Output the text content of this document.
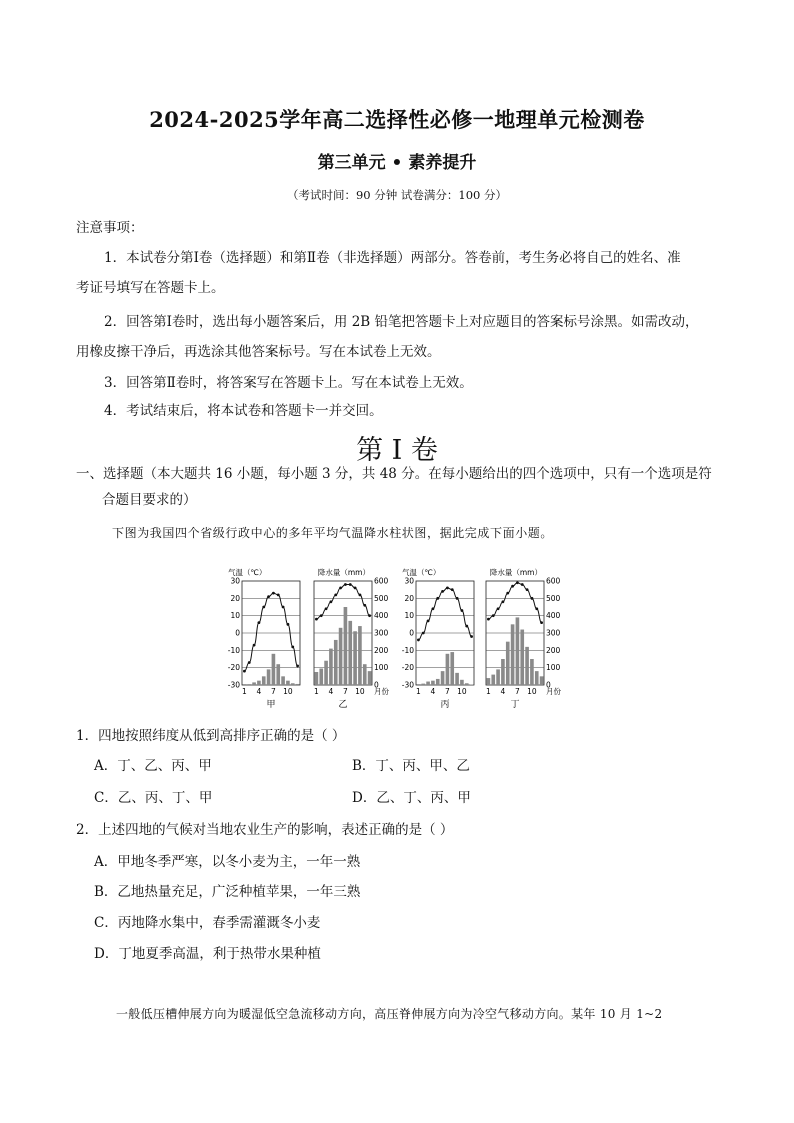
2024-2025学年高二选择性必修一地理单元检测卷
第三单元 • 素养提升
（考试时间：90 分钟 试卷满分：100 分）
注意事项：
1．本试卷分第Ⅰ卷（选择题）和第Ⅱ卷（非选择题）两部分。答卷前，考生务必将自己的姓名、准
考证号填写在答题卡上。
2．回答第Ⅰ卷时，选出每小题答案后，用 2B 铅笔把答题卡上对应题目的答案标号涂黑。如需改动，
用橡皮擦干净后，再选涂其他答案标号。写在本试卷上无效。
3．回答第Ⅱ卷时，将答案写在答题卡上。写在本试卷上无效。
4．考试结束后，将本试卷和答题卡一并交回。
第 I 卷
一、选择题（本大题共 16 小题，每小题 3 分，共 48 分。在每小题给出的四个选项中，只有一个选项是符
合题目要求的）
下图为我国四个省级行政中心的多年平均气温降水柱状图，据此完成下面小题。
1 4 7 10
甲
30
20
10
0
-10
-20
-30
气温（℃）
1 4 7 10
乙
600
500
400
300
200
100
0
降水量（mm）
月份	1 4 7 10
丙
30
20
10
0
-10
-20
-30
气温（℃）
1 4 7 10
丁
600
500
400
300
200
100
0
降水量（mm）
月份
1．四地按照纬度从低到高排序正确的是（ ）
A．丁、乙、丙、甲	B．丁、丙、甲、乙
C．乙、丙、丁、甲	D．乙、丁、丙、甲
2．上述四地的气候对当地农业生产的影响，表述正确的是（ ）
A．甲地冬季严寒，以冬小麦为主，一年一熟
B．乙地热量充足，广泛种植苹果，一年三熟
C．丙地降水集中，春季需灌溉冬小麦
D．丁地夏季高温，利于热带水果种植
一般低压槽伸展方向为暖湿低空急流移动方向，高压脊伸展方向为冷空气移动方向。某年 10 月 1~2
